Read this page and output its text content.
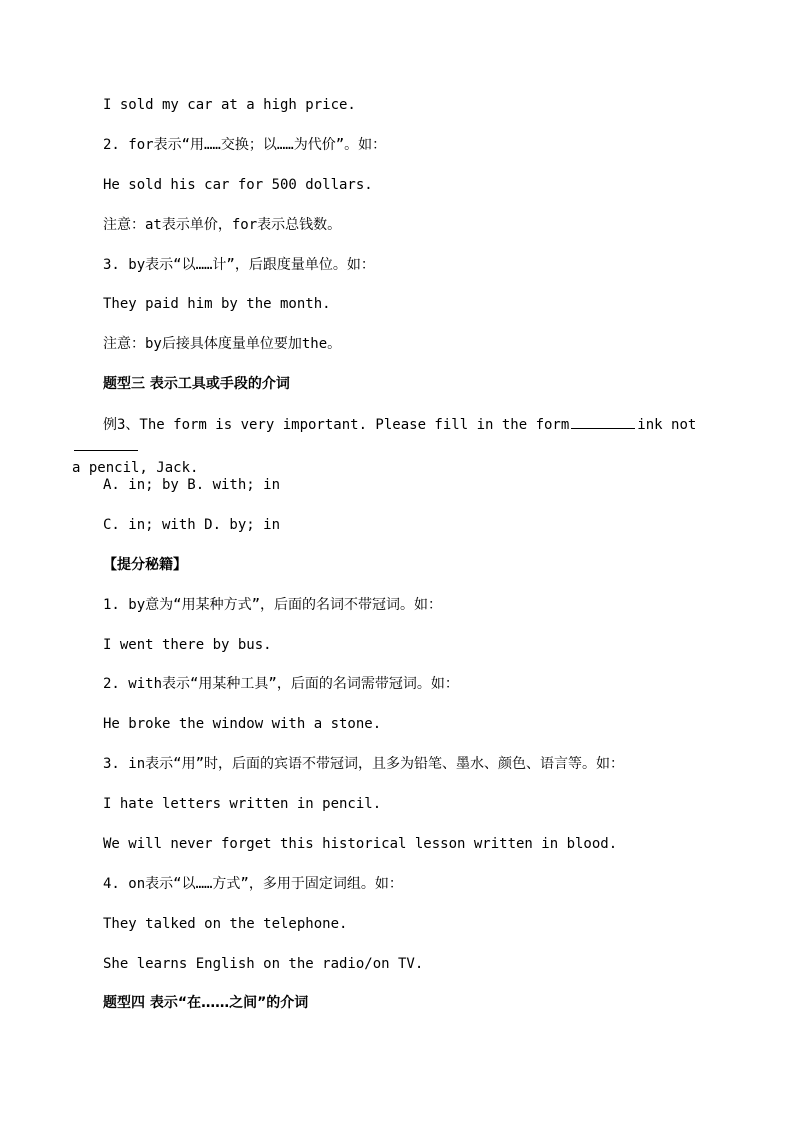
I sold my car at a high price.
2. for表示“用……交换；以……为代价”。如：
He sold his car for 500 dollars.
注意：at表示单价，for表示总钱数。
3. by表示“以……计”，后跟度量单位。如：
They paid him by the month.
注意：by后接具体度量单位要加the。
题型三 表示工具或手段的介词
例3、The form is very important. Please fill in the form	ink not
a pencil, Jack.
A. in; by B. with; in
C. in; with D. by; in
【提分秘籍】
1. by意为“用某种方式”，后面的名词不带冠词。如：
I went there by bus.
2. with表示“用某种工具”，后面的名词需带冠词。如：
He broke the window with a stone.
3. in表示“用”时，后面的宾语不带冠词，且多为铅笔、墨水、颜色、语言等。如：
I hate letters written in pencil.
We will never forget this historical lesson written in blood.
4. on表示“以……方式”，多用于固定词组。如：
They talked on the telephone.
She learns English on the radio/on TV.
题型四 表示“在……之间”的介词
